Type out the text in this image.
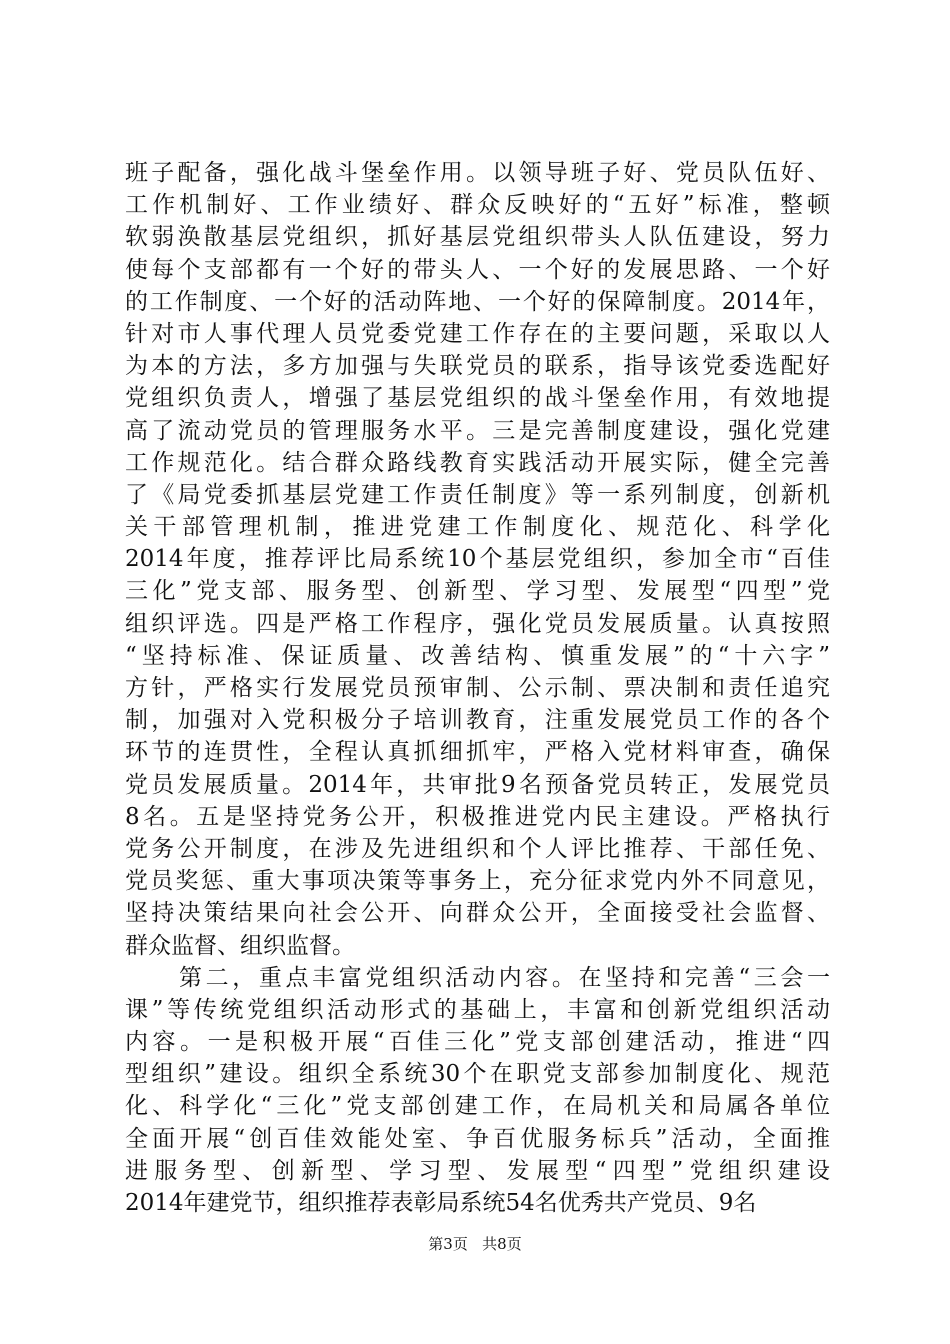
班子配备，强化战斗堡垒作用。以领导班子好、党员队伍好、
工作机制好、工作业绩好、群众反映好的“五好”标准，整顿
软弱涣散基层党组织，抓好基层党组织带头人队伍建设，努力
使每个支部都有一个好的带头人、一个好的发展思路、一个好
的工作制度、一个好的活动阵地、一个好的保障制度。2014年，
针对市人事代理人员党委党建工作存在的主要问题，采取以人
为本的方法，多方加强与失联党员的联系，指导该党委选配好
党组织负责人，增强了基层党组织的战斗堡垒作用，有效地提
高了流动党员的管理服务水平。三是完善制度建设，强化党建
工作规范化。结合群众路线教育实践活动开展实际，健全完善
了《局党委抓基层党建工作责任制度》等一系列制度，创新机
关干部管理机制，推进党建工作制度化、规范化、科学化
2014年度，推荐评比局系统10个基层党组织，参加全市“百佳
三化”党支部、服务型、创新型、学习型、发展型“四型”党
组织评选。四是严格工作程序，强化党员发展质量。认真按照
“坚持标准、保证质量、改善结构、慎重发展”的“十六字”
方针，严格实行发展党员预审制、公示制、票决制和责任追究
制，加强对入党积极分子培训教育，注重发展党员工作的各个
环节的连贯性，全程认真抓细抓牢，严格入党材料审查，确保
党员发展质量。2014年，共审批9名预备党员转正，发展党员
8名。五是坚持党务公开，积极推进党内民主建设。严格执行
党务公开制度，在涉及先进组织和个人评比推荐、干部任免、
党员奖惩、重大事项决策等事务上，充分征求党内外不同意见，
坚持决策结果向社会公开、向群众公开，全面接受社会监督、
群众监督、组织监督。
第二，重点丰富党组织活动内容。在坚持和完善“三会一
课”等传统党组织活动形式的基础上，丰富和创新党组织活动
内容。一是积极开展“百佳三化”党支部创建活动，推进“四
型组织”建设。组织全系统30个在职党支部参加制度化、规范
化、科学化“三化”党支部创建工作，在局机关和局属各单位
全面开展“创百佳效能处室、争百优服务标兵”活动，全面推
进服务型、创新型、学习型、发展型“四型”党组织建设
2014年建党节，组织推荐表彰局系统54名优秀共产党员、9名
第3页 共8页
